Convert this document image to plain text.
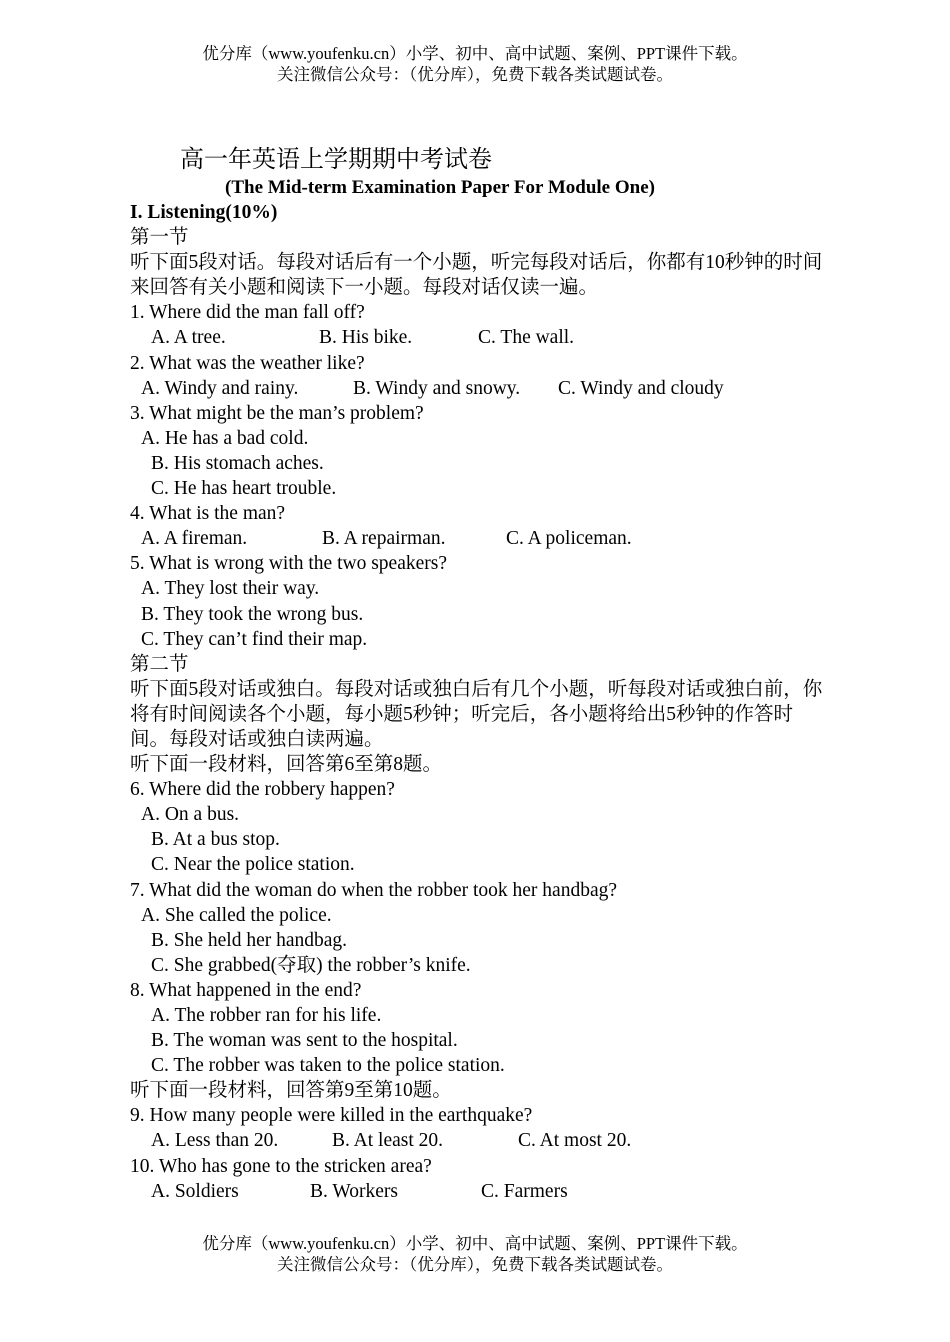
优分库（www.youfenku.cn）小学、初中、高中试题、案例、PPT课件下载。
关注微信公众号：（优分库），免费下载各类试题试卷。
高一年英语上学期期中考试卷
(The Mid-term Examination Paper For Module One)
I. Listening(10%)
第一节
听下面5段对话。每段对话后有一个小题，听完每段对话后，你都有10秒钟的时间来回答有关小题和阅读下一小题。每段对话仅读一遍。
1. Where did the man fall off?
A. A tree.	B. His bike.	C. The wall.
2. What was the weather like?
A. Windy and rainy.	B. Windy and snowy. C. Windy and cloudy
3. What might be the man’s problem?
A. He has a bad cold.
B. His stomach aches.
C. He has heart trouble.
4. What is the man?
A. A fireman.	B. A repairman.	C. A policeman.
5. What is wrong with the two speakers?
A. They lost their way.
B. They took the wrong bus.
C. They can’t find their map.
第二节
听下面5段对话或独白。每段对话或独白后有几个小题，听每段对话或独白前，你将有时间阅读各个小题，每小题5秒钟；听完后，各小题将给出5秒钟的作答时间。每段对话或独白读两遍。
听下面一段材料，回答第6至第8题。
6. Where did the robbery happen?
A. On a bus.
B. At a bus stop.
C. Near the police station.
7. What did the woman do when the robber took her handbag?
A. She called the police.
B. She held her handbag.
C. She grabbed(夺取) the robber’s knife.
8. What happened in the end?
A. The robber ran for his life.
B. The woman was sent to the hospital.
C. The robber was taken to the police station.
听下面一段材料，回答第9至第10题。
9. How many people were killed in the earthquake?
A. Less than 20.	B. At least 20.	C. At most 20.
10. Who has gone to the stricken area?
A. Soldiers	B. Workers	C. Farmers
优分库（www.youfenku.cn）小学、初中、高中试题、案例、PPT课件下载。
关注微信公众号：（优分库），免费下载各类试题试卷。
